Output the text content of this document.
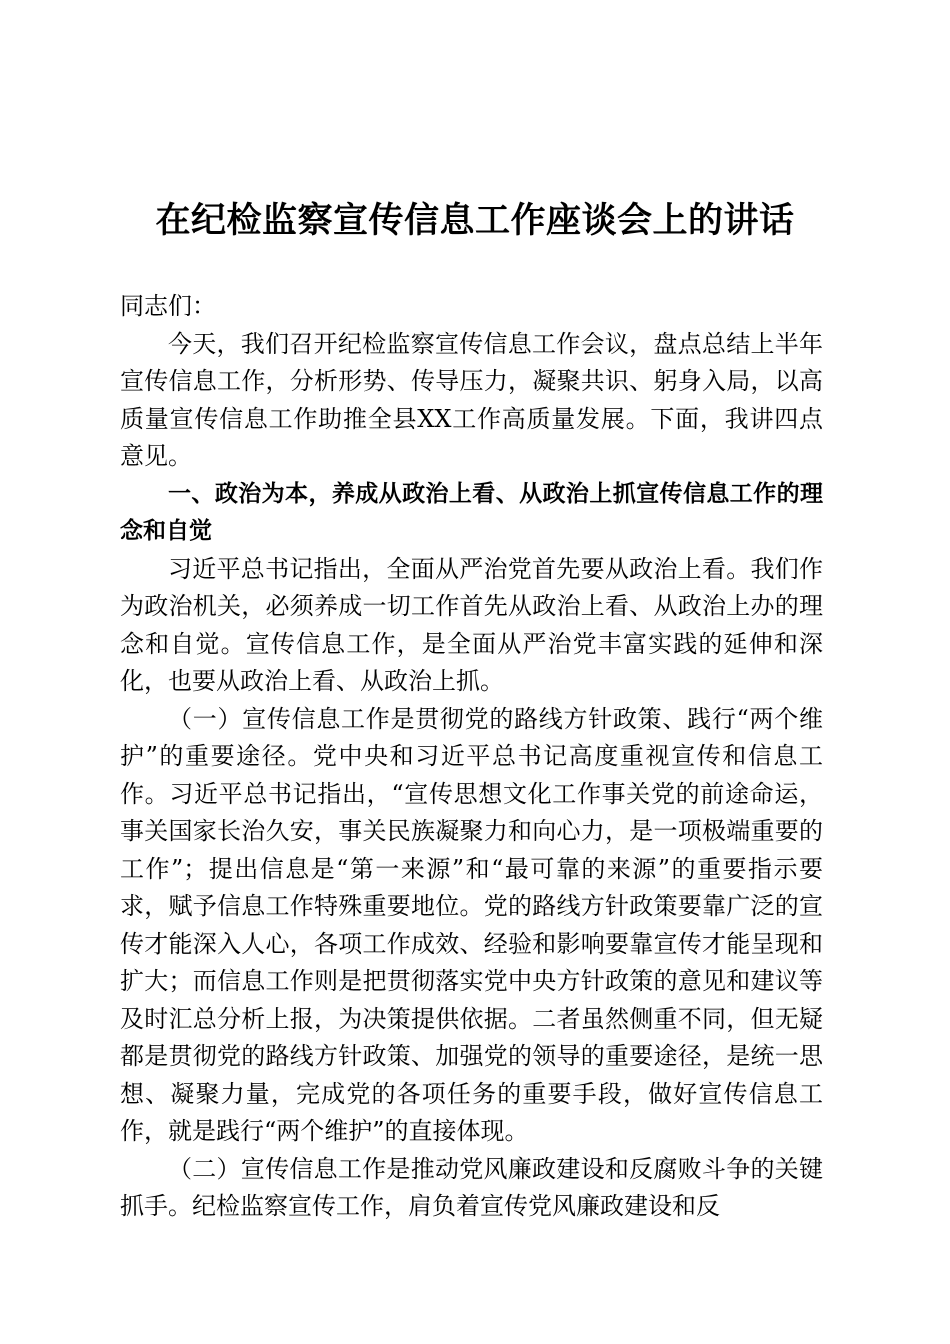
在纪检监察宣传信息工作座谈会上的讲话

同志们：

今天，我们召开纪检监察宣传信息工作会议，盘点总结上半年宣传信息工作，分析形势、传导压力，凝聚共识、躬身入局，以高质量宣传信息工作助推全县XX工作高质量发展。下面，我讲四点意见。

一、政治为本，养成从政治上看、从政治上抓宣传信息工作的理念和自觉

习近平总书记指出，全面从严治党首先要从政治上看。我们作为政治机关，必须养成一切工作首先从政治上看、从政治上办的理念和自觉。宣传信息工作，是全面从严治党丰富实践的延伸和深化，也要从政治上看、从政治上抓。

（一）宣传信息工作是贯彻党的路线方针政策、践行“两个维护”的重要途径。党中央和习近平总书记高度重视宣传和信息工作。习近平总书记指出，“宣传思想文化工作事关党的前途命运，事关国家长治久安，事关民族凝聚力和向心力，是一项极端重要的工作”；提出信息是“第一来源”和“最可靠的来源”的重要指示要求，赋予信息工作特殊重要地位。党的路线方针政策要靠广泛的宣传才能深入人心，各项工作成效、经验和影响要靠宣传才能呈现和扩大；而信息工作则是把贯彻落实党中央方针政策的意见和建议等及时汇总分析上报，为决策提供依据。二者虽然侧重不同，但无疑都是贯彻党的路线方针政策、加强党的领导的重要途径，是统一思想、凝聚力量，完成党的各项任务的重要手段，做好宣传信息工作，就是践行“两个维护”的直接体现。

（二）宣传信息工作是推动党风廉政建设和反腐败斗争的关键抓手。纪检监察宣传工作，肩负着宣传党风廉政建设和反
